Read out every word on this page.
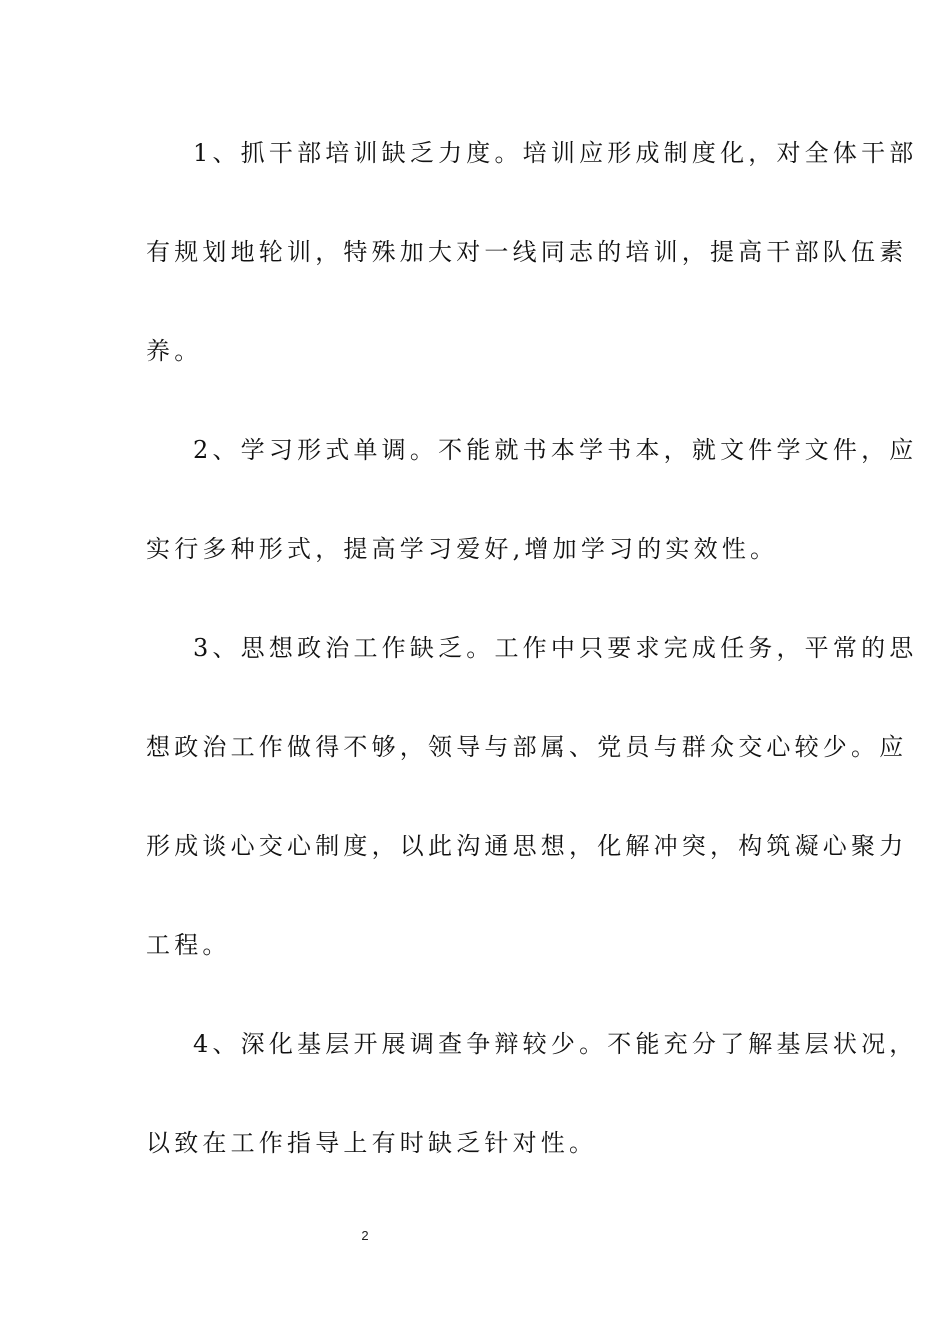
1、抓干部培训缺乏力度。培训应形成制度化，对全体干部
有规划地轮训，特殊加大对一线同志的培训，提高干部队伍素
养。
2、学习形式单调。不能就书本学书本，就文件学文件，应
实行多种形式，提高学习爱好,增加学习的实效性。
3、思想政治工作缺乏。工作中只要求完成任务，平常的思
想政治工作做得不够，领导与部属、党员与群众交心较少。应
形成谈心交心制度，以此沟通思想，化解冲突，构筑凝心聚力
工程。
4、深化基层开展调查争辩较少。不能充分了解基层状况，
以致在工作指导上有时缺乏针对性。
2
